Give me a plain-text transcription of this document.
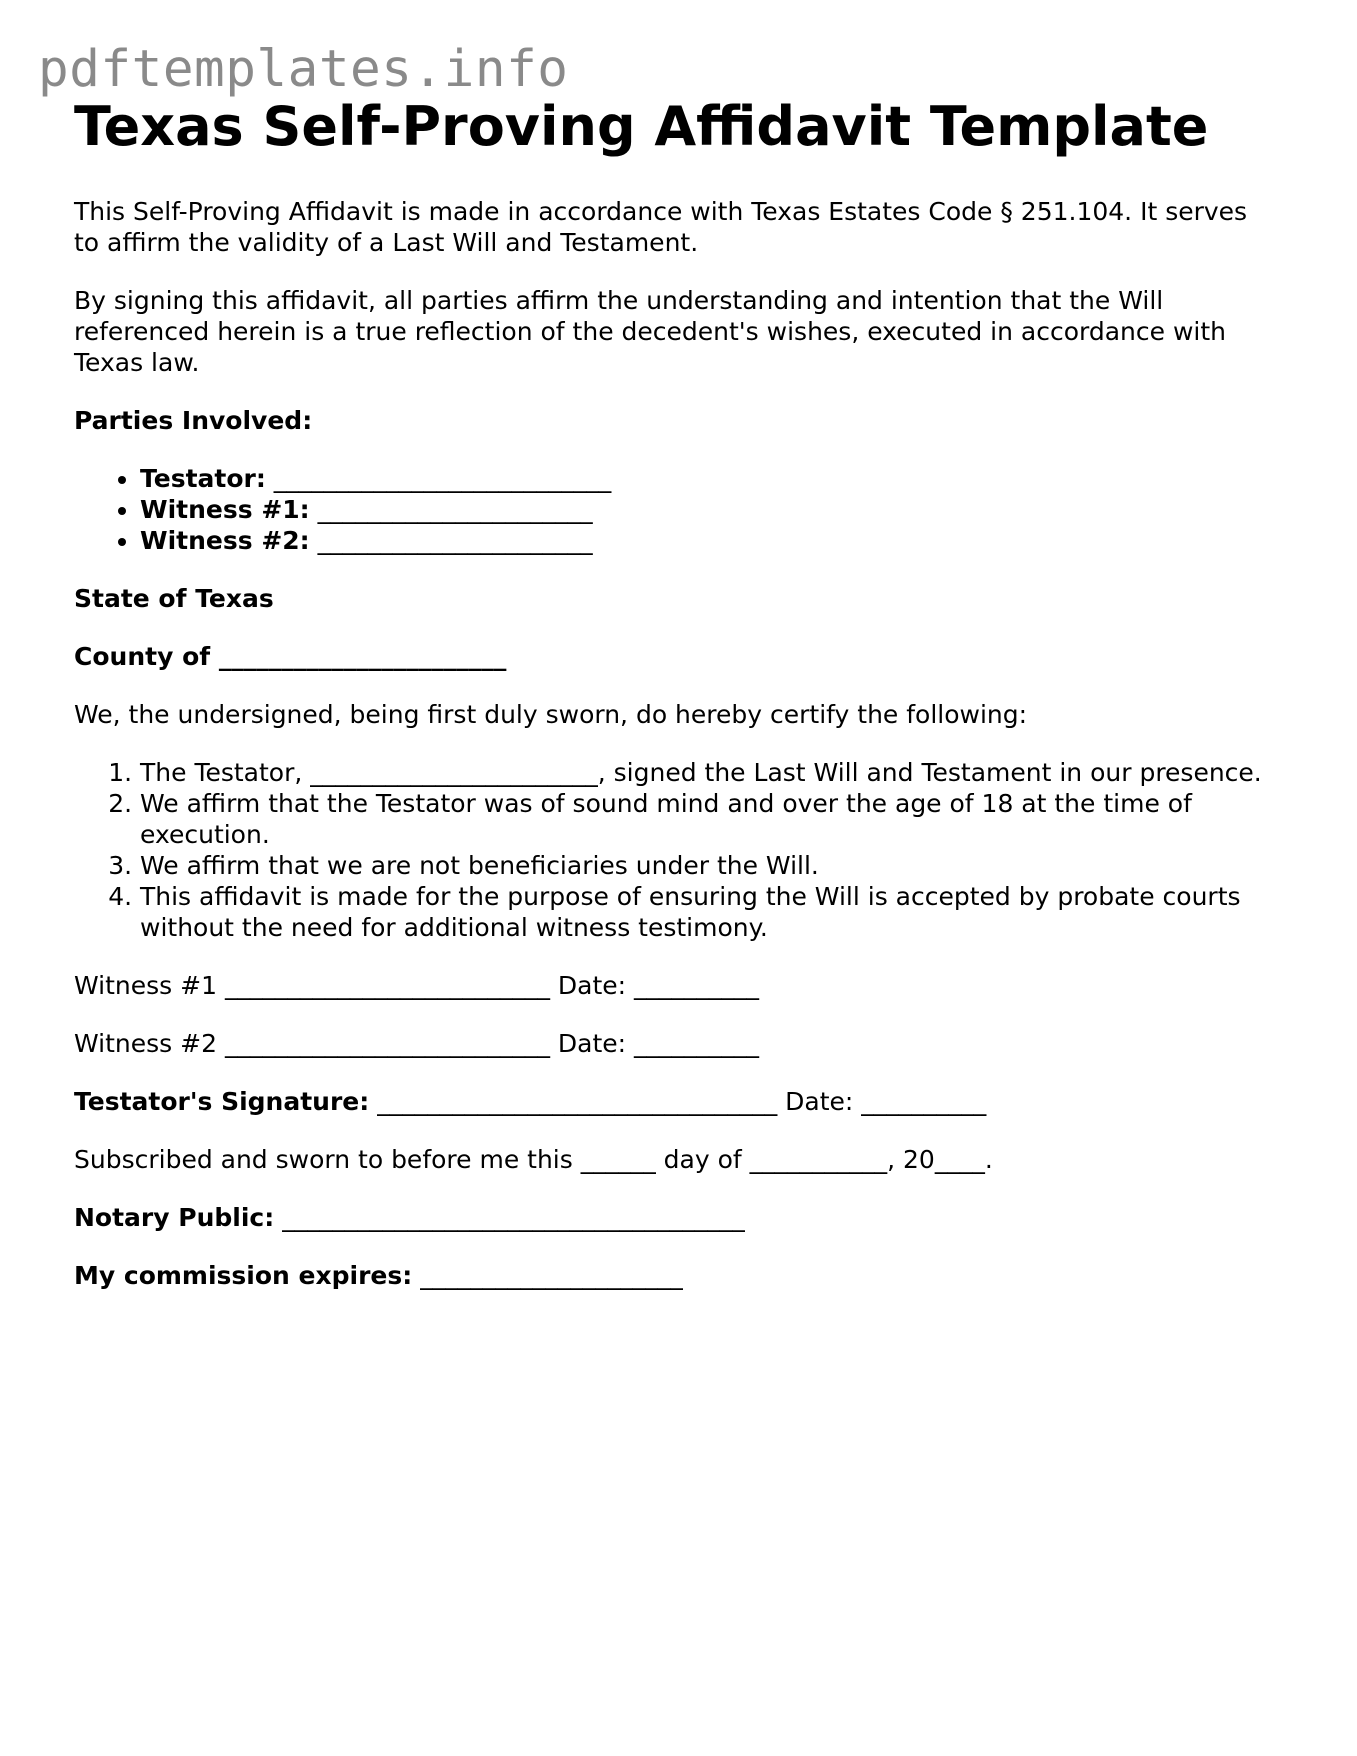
pdftemplates.info
Texas Self-Proving Affidavit Template

This Self-Proving Affidavit is made in accordance with Texas Estates Code § 251.104. It serves to affirm the validity of a Last Will and Testament.

By signing this affidavit, all parties affirm the understanding and intention that the Will referenced herein is a true reflection of the decedent's wishes, executed in accordance with Texas law.

Parties Involved:

• Testator: ___________________________
• Witness #1: ______________________
• Witness #2: ______________________

State of Texas

County of _______________________

We, the undersigned, being first duly sworn, do hereby certify the following:

1. The Testator, _______________________, signed the Last Will and Testament in our presence.
2. We affirm that the Testator was of sound mind and over the age of 18 at the time of execution.
3. We affirm that we are not beneficiaries under the Will.
4. This affidavit is made for the purpose of ensuring the Will is accepted by probate courts without the need for additional witness testimony.

Witness #1 __________________________ Date: __________

Witness #2 __________________________ Date: __________

Testator's Signature: ________________________________ Date: __________

Subscribed and sworn to before me this ______ day of ___________, 20____.

Notary Public: _____________________________________

My commission expires: _____________________
